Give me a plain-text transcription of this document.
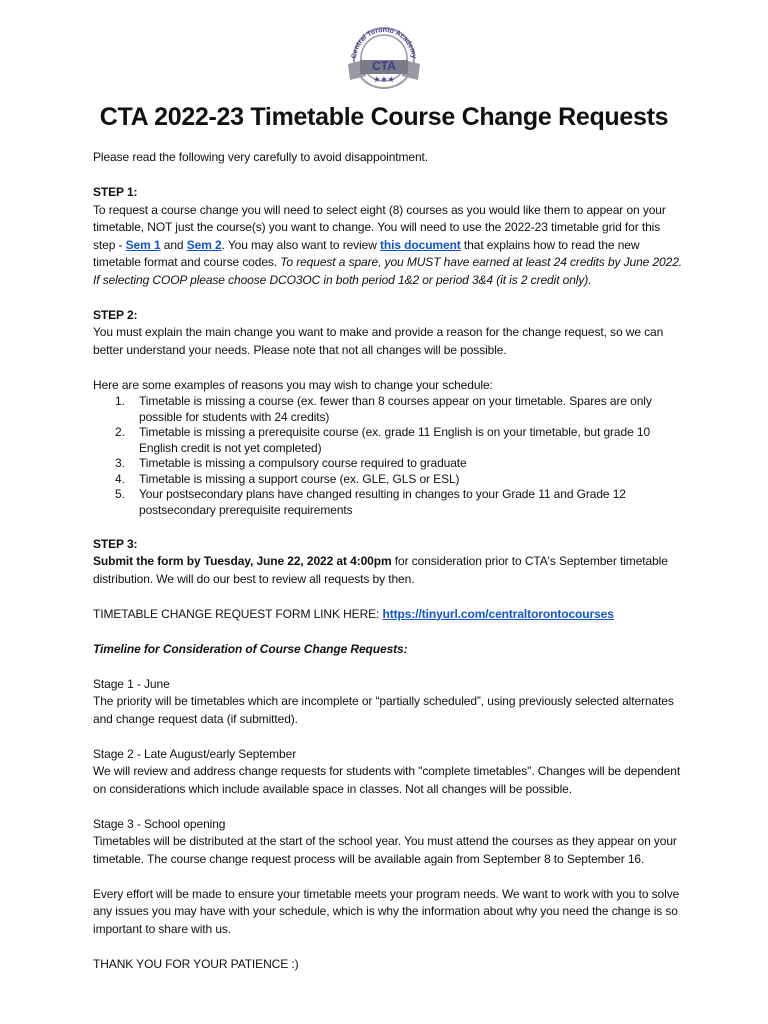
Central Toronto Academy
CTA
★★★
CTA 2022-23 Timetable Course Change Requests

Please read the following very carefully to avoid disappointment.

STEP 1:

To request a course change you will need to select eight (8) courses as you would like them to appear on your timetable, NOT just the course(s) you want to change. You will need to use the 2022-23 timetable grid for this step - Sem 1 and Sem 2. You may also want to review this document that explains how to read the new timetable format and course codes. To request a spare, you MUST have earned at least 24 credits by June 2022. If selecting COOP please choose DCO3OC in both period 1&2 or period 3&4 (it is 2 credit only).

STEP 2:

You must explain the main change you want to make and provide a reason for the change request, so we can better understand your needs. Please note that not all changes will be possible.

Here are some examples of reasons you may wish to change your schedule:

1. Timetable is missing a course (ex. fewer than 8 courses appear on your timetable. Spares are only possible for students with 24 credits)
2. Timetable is missing a prerequisite course (ex. grade 11 English is on your timetable, but grade 10 English credit is not yet completed)
3. Timetable is missing a compulsory course required to graduate
4. Timetable is missing a support course (ex. GLE, GLS or ESL)
5. Your postsecondary plans have changed resulting in changes to your Grade 11 and Grade 12 postsecondary prerequisite requirements

STEP 3:

Submit the form by Tuesday, June 22, 2022 at 4:00pm for consideration prior to CTA's September timetable distribution. We will do our best to review all requests by then.

TIMETABLE CHANGE REQUEST FORM LINK HERE: https://tinyurl.com/centraltorontocourses

Timeline for Consideration of Course Change Requests:

Stage 1 - June

The priority will be timetables which are incomplete or “partially scheduled”, using previously selected alternates and change request data (if submitted).

Stage 2 - Late August/early September

We will review and address change requests for students with "complete timetables". Changes will be dependent on considerations which include available space in classes. Not all changes will be possible.

Stage 3 - School opening

Timetables will be distributed at the start of the school year. You must attend the courses as they appear on your timetable. The course change request process will be available again from September 8 to September 16.

Every effort will be made to ensure your timetable meets your program needs. We want to work with you to solve any issues you may have with your schedule, which is why the information about why you need the change is so important to share with us.

THANK YOU FOR YOUR PATIENCE :)
